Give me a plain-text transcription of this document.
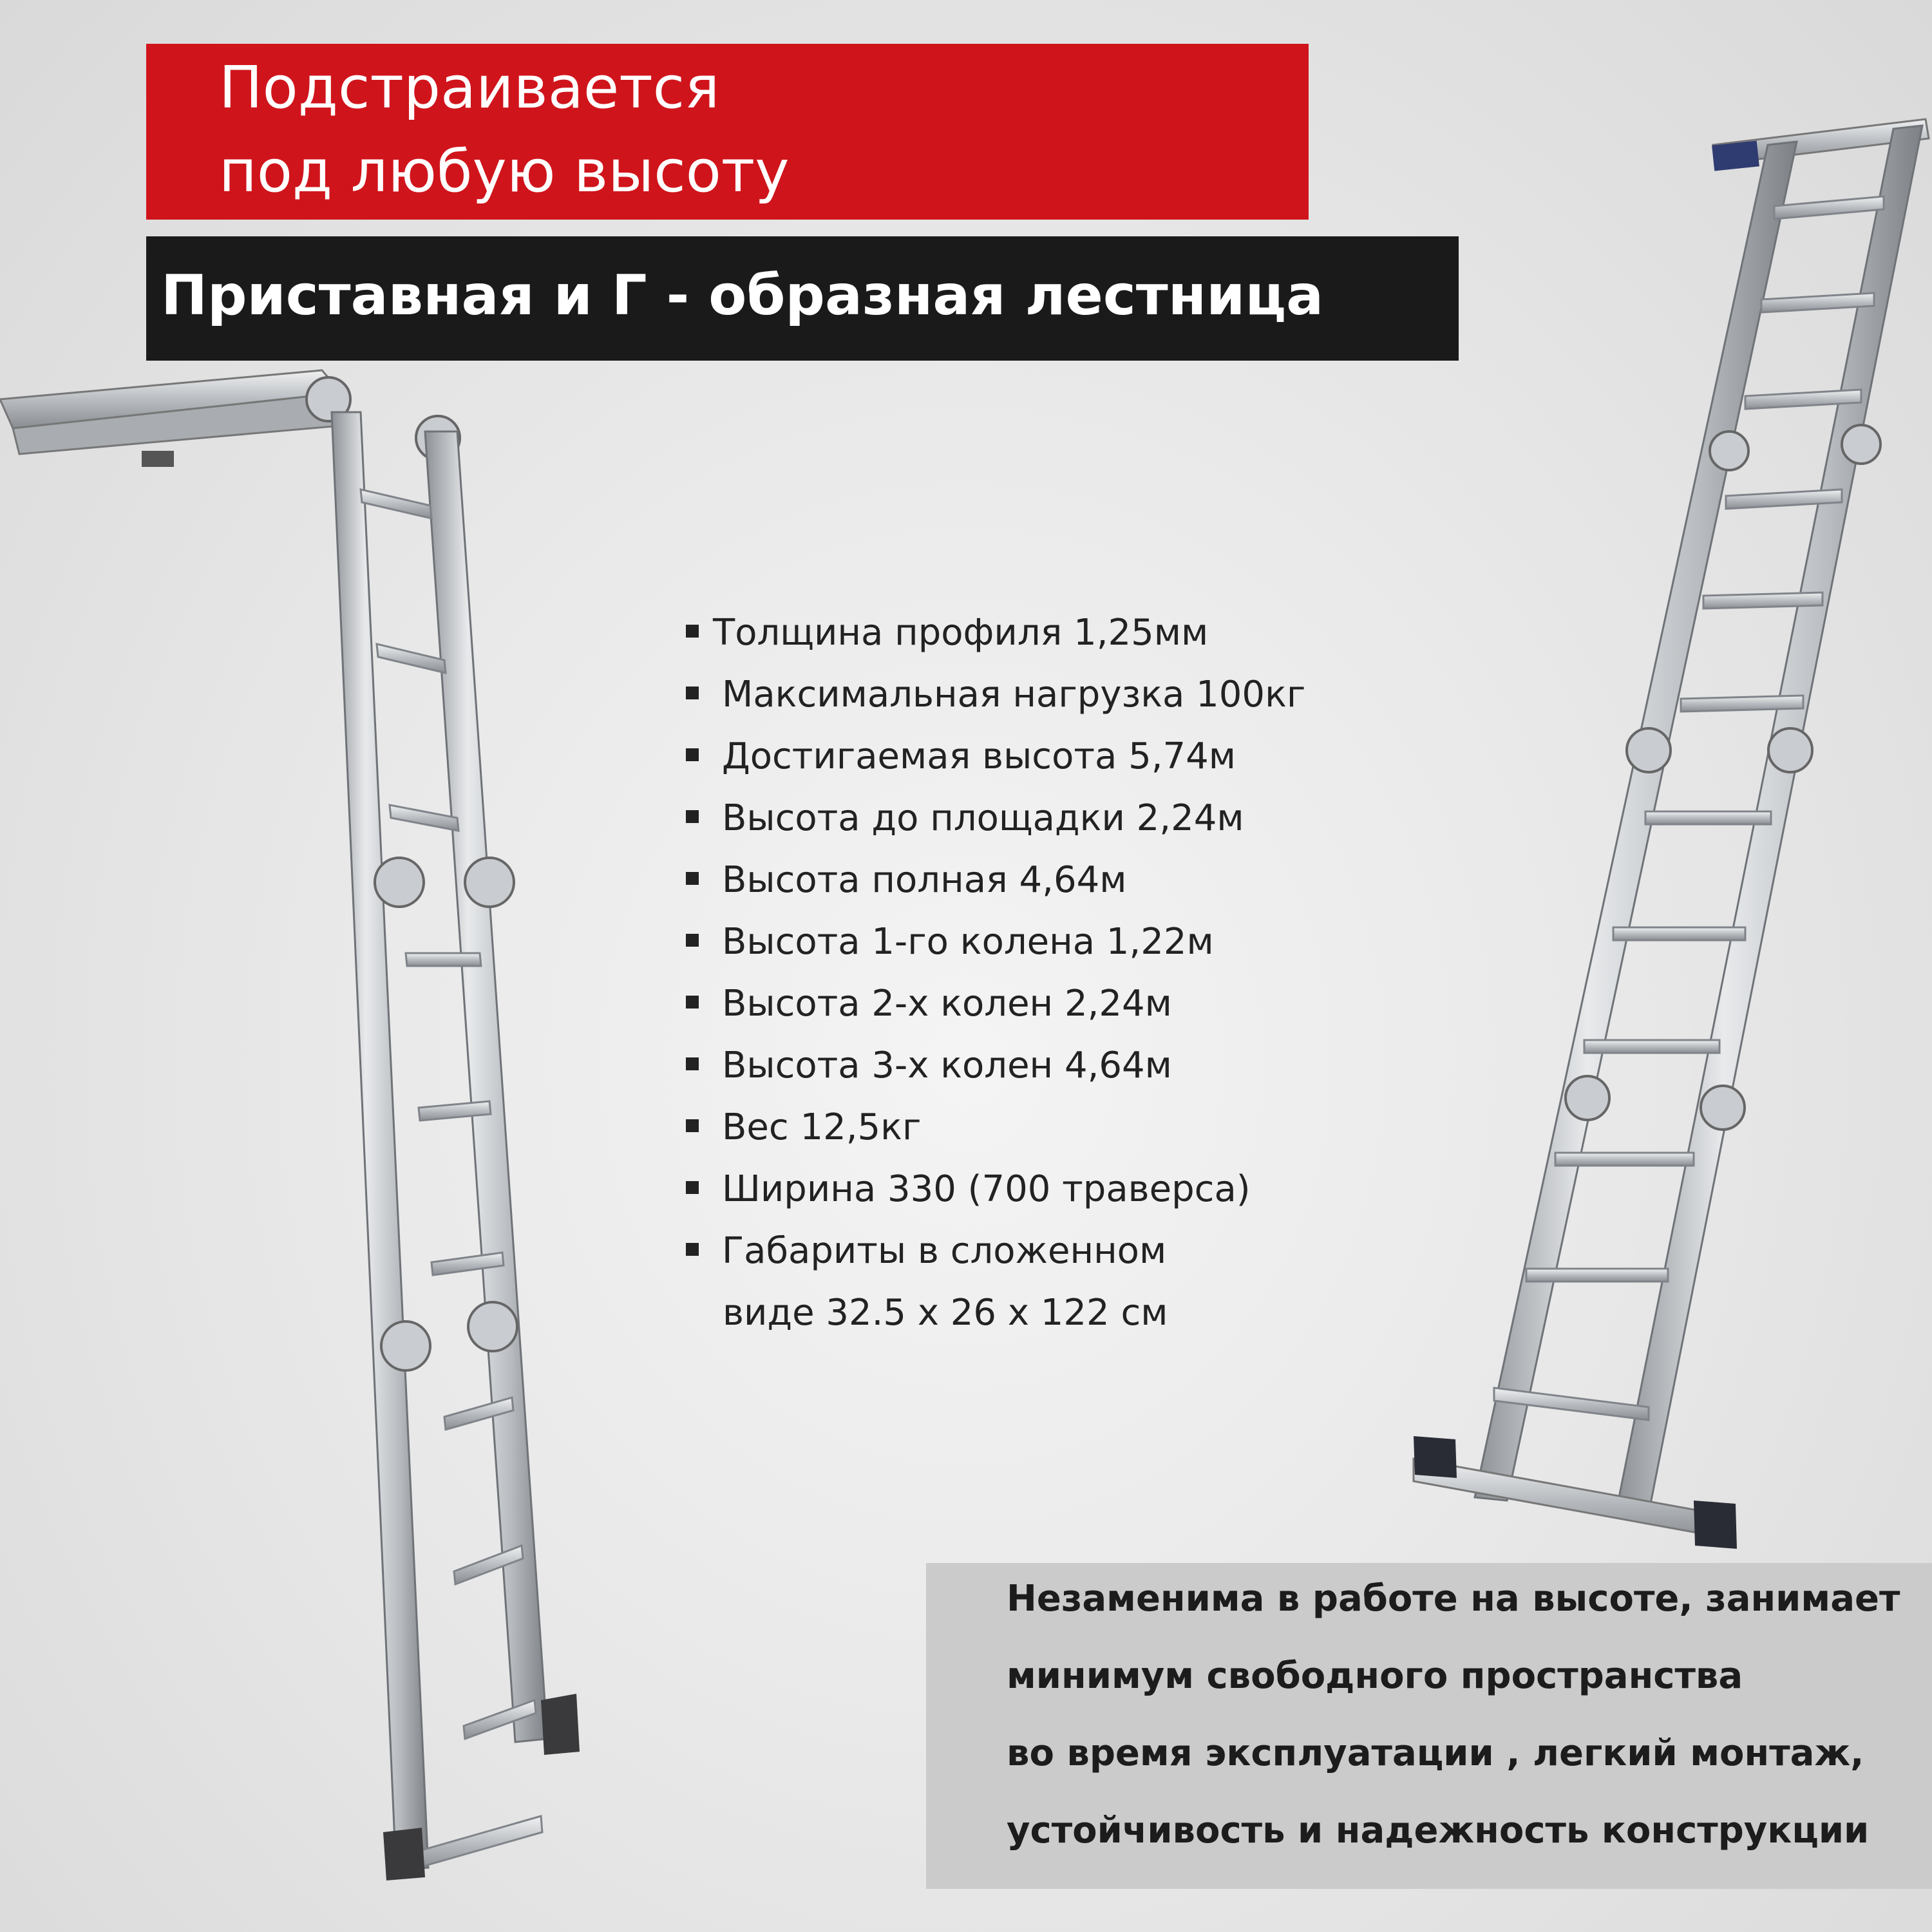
Подстраивается
под любую высоту
Приставная и Г - образная лестница
Толщина профиля 1,25мм
Максимальная нагрузка 100кг
Достигаемая высота 5,74м
Высота до площадки 2,24м
Высота полная 4,64м
Высота 1-го колена 1,22м
Высота 2-х колен 2,24м
Высота 3-х колен 4,64м
Вес 12,5кг
Ширина 330 (700 траверса)
Габариты в сложенном
виде 32.5 х 26 х 122 см
Незаменима в работе на высоте, занимает
минимум свободного пространства
во время эксплуатации , легкий монтаж,
устойчивость и надежность конструкции
